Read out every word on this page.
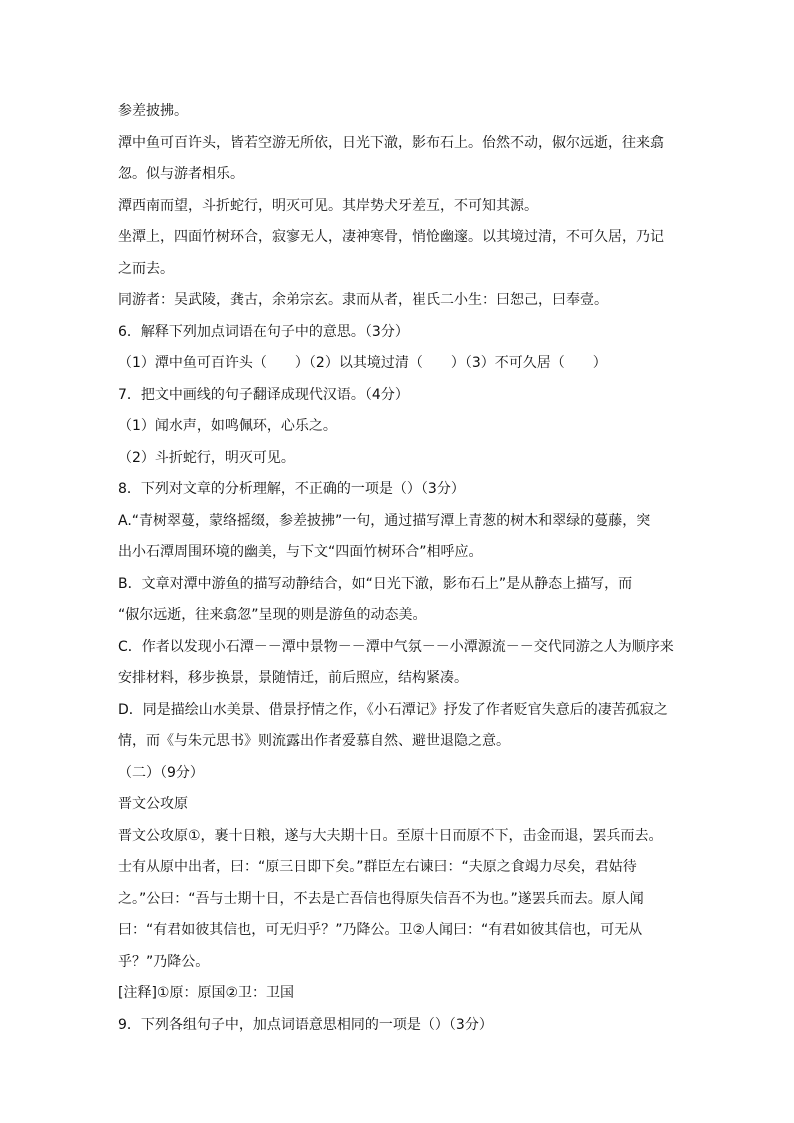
参差披拂。
潭中鱼可百许头，皆若空游无所依，日光下澈，影布石上。佁然不动，俶尔远逝，往来翕
忽。似与游者相乐。
潭西南而望，斗折蛇行，明灭可见。其岸势犬牙差互，不可知其源。
坐潭上，四面竹树环合，寂寥无人，凄神寒骨，悄怆幽邃。以其境过清，不可久居，乃记
之而去。
同游者：吴武陵，龚古，余弟宗玄。隶而从者，崔氏二小生：曰恕己，曰奉壹。
6．解释下列加点词语在句子中的意思。（3分）
（1）潭中鱼可百许头（　　）（2）以其境过清（　　）（3）不可久居（　　）
7．把文中画线的句子翻译成现代汉语。（4分）
（1）闻水声，如鸣佩环，心乐之。
（2）斗折蛇行，明灭可见。
8．下列对文章的分析理解，不正确的一项是（）（3分）
A.“青树翠蔓，蒙络摇缀，参差披拂”一句，通过描写潭上青葱的树木和翠绿的蔓藤，突
出小石潭周围环境的幽美，与下文“四面竹树环合”相呼应。
B．文章对潭中游鱼的描写动静结合，如“日光下澈，影布石上”是从静态上描写，而
“俶尔远逝，往来翕忽”呈现的则是游鱼的动态美。
C．作者以发现小石潭－－潭中景物－－潭中气氛－－小潭源流－－交代同游之人为顺序来
安排材料，移步换景，景随情迁，前后照应，结构紧凑。
D．同是描绘山水美景、借景抒情之作，《小石潭记》抒发了作者贬官失意后的凄苦孤寂之
情，而《与朱元思书》则流露出作者爱慕自然、避世退隐之意。
（二）（9分）
晋文公攻原
晋文公攻原①，裹十日粮，遂与大夫期十日。至原十日而原不下，击金而退，罢兵而去。
士有从原中出者，曰：“原三日即下矣。”群臣左右谏曰：“夫原之食竭力尽矣，君姑待
之。”公曰：“吾与士期十日，不去是亡吾信也得原失信吾不为也。”遂罢兵而去。原人闻
曰：“有君如彼其信也，可无归乎？”乃降公。卫②人闻曰：“有君如彼其信也，可无从
乎？”乃降公。
[注释]①原：原国②卫：卫国
9．下列各组句子中，加点词语意思相同的一项是（）（3分）
